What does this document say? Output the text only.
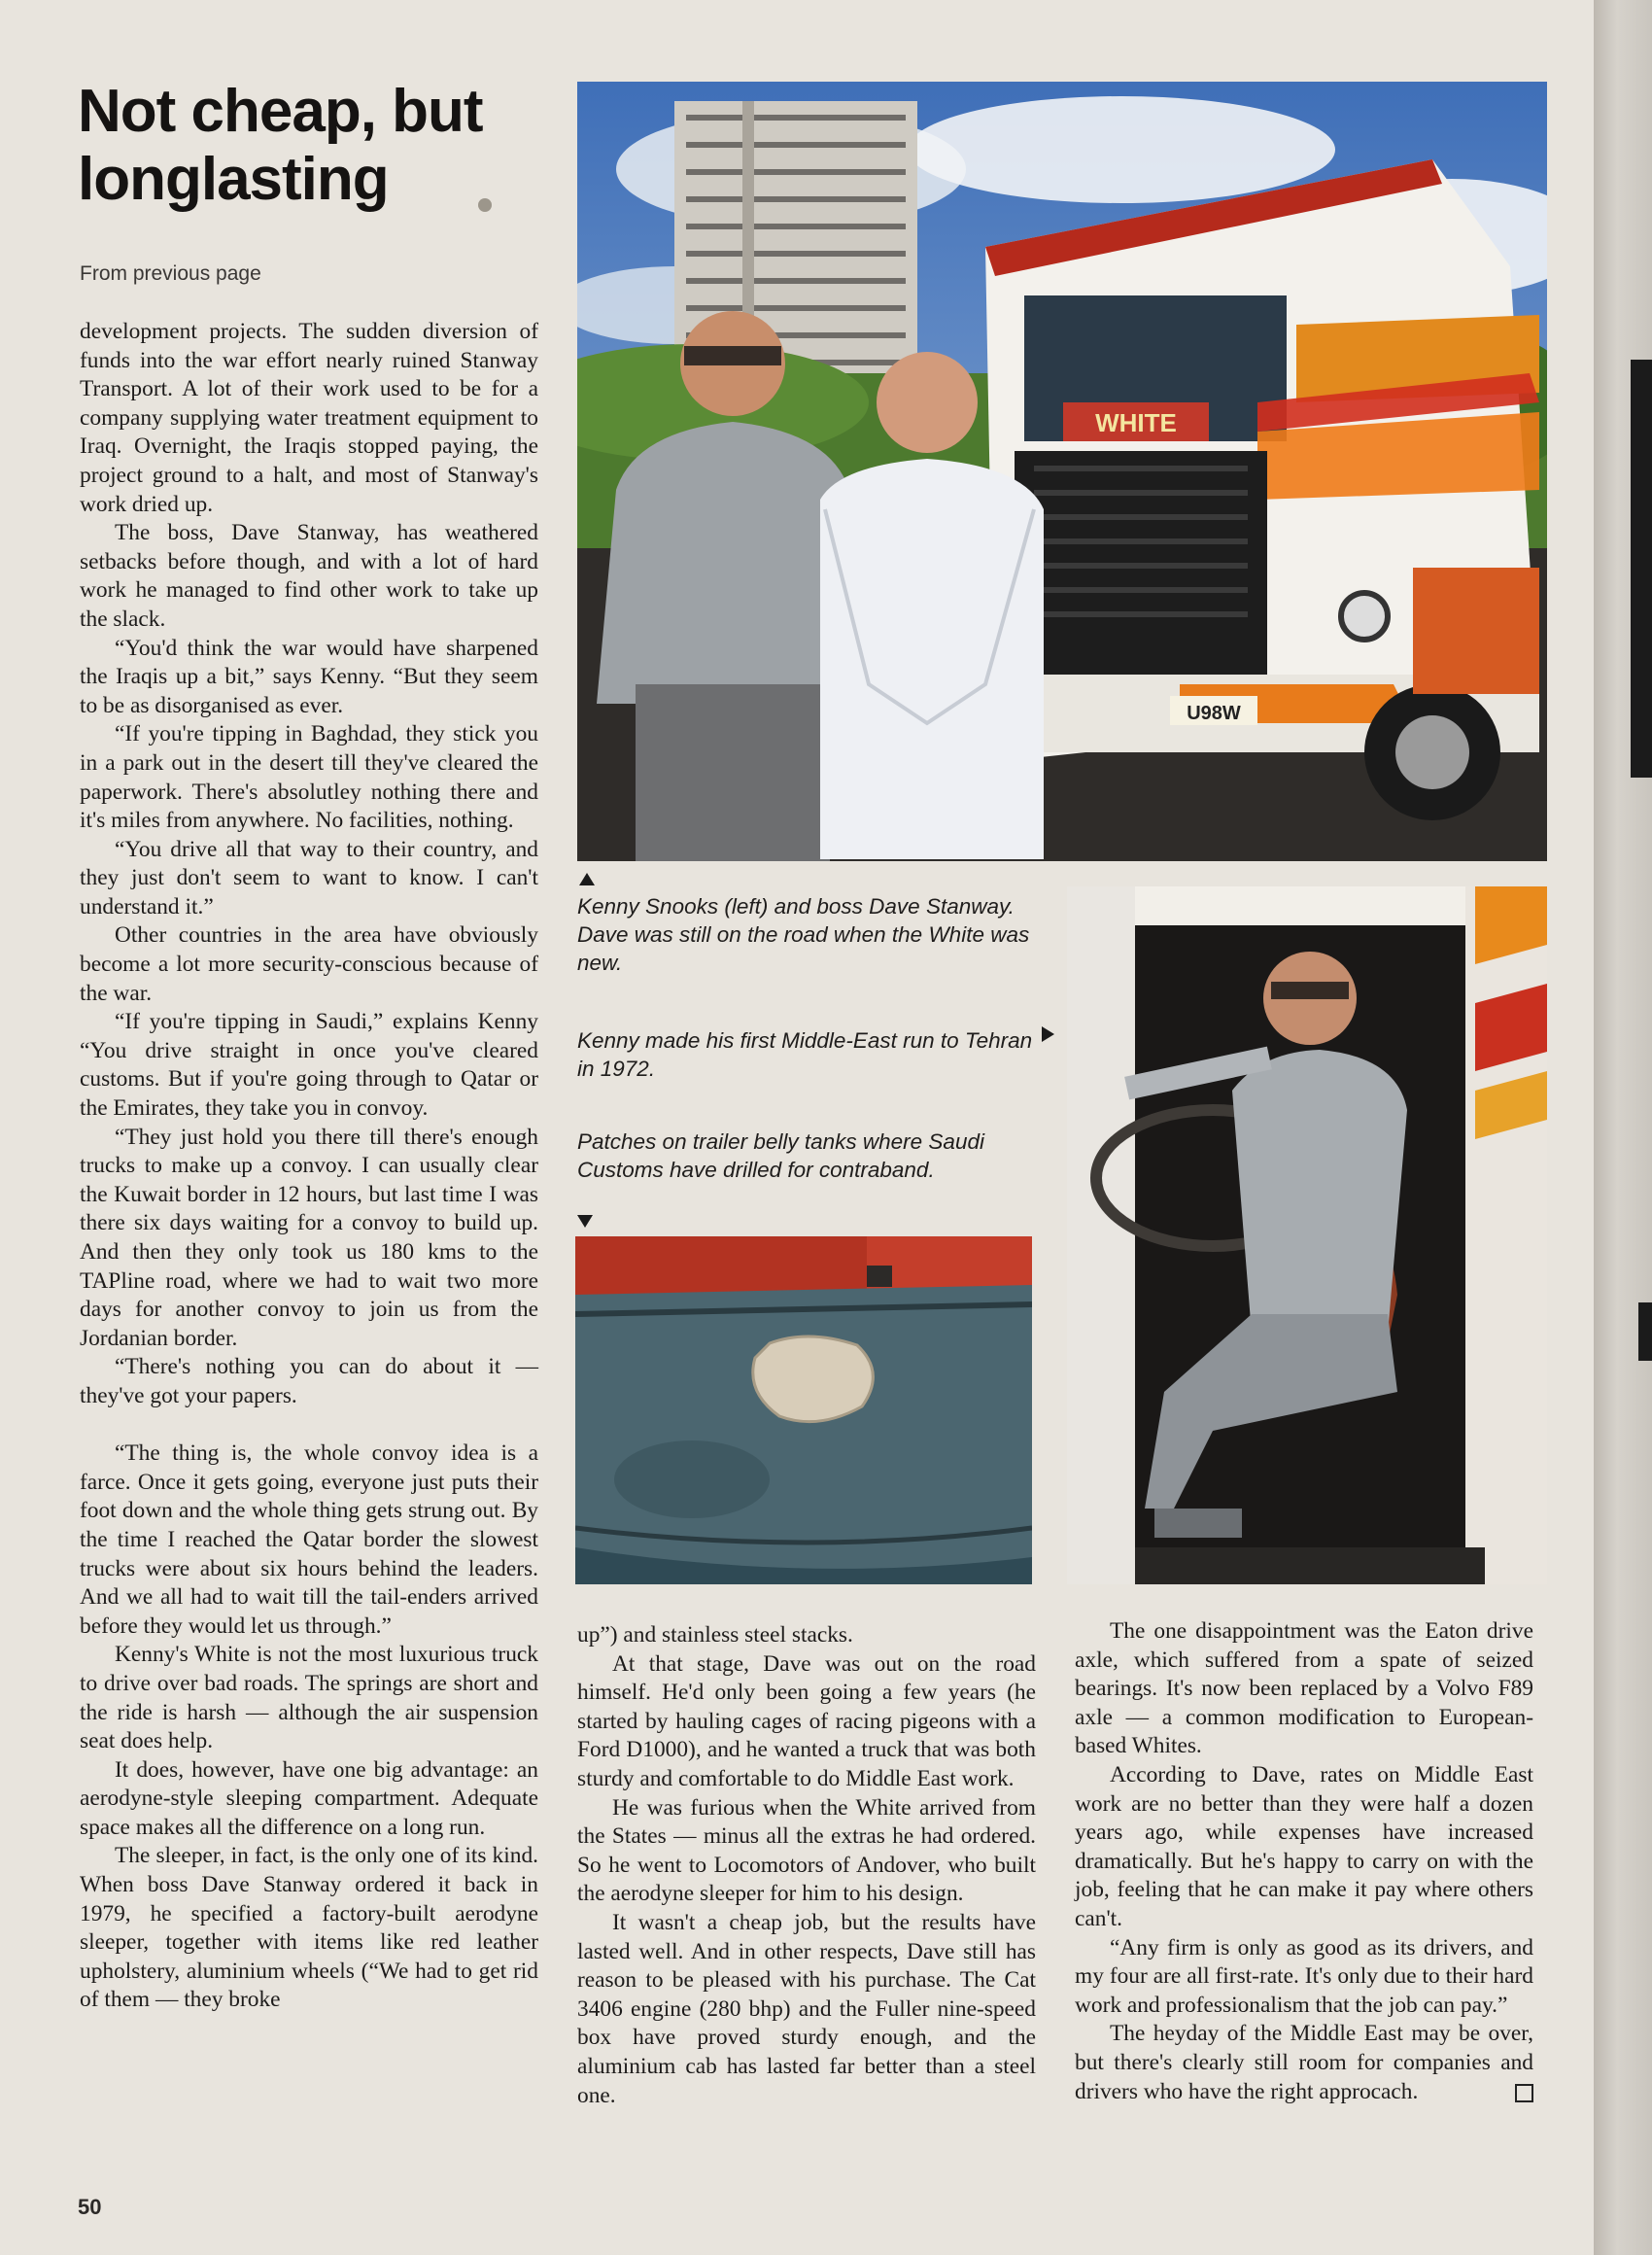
Not cheap, but longlasting
From previous page

development projects. The sudden diversion of funds into the war effort nearly ruined Stanway Transport. A lot of their work used to be for a company supplying water treatment equipment to Iraq. Overnight, the Iraqis stopped paying, the project ground to a halt, and most of Stanway's work dried up.

The boss, Dave Stanway, has weathered setbacks before though, and with a lot of hard work he managed to find other work to take up the slack.

“You'd think the war would have sharpened the Iraqis up a bit,” says Kenny. “But they seem to be as disorganised as ever.

“If you're tipping in Baghdad, they stick you in a park out in the desert till they've cleared the paperwork. There's absolutley nothing there and it's miles from anywhere. No facilities, nothing.

“You drive all that way to their country, and they just don't seem to want to know. I can't understand it.”

Other countries in the area have obviously become a lot more security-conscious because of the war.

“If you're tipping in Saudi,” explains Kenny “You drive straight in once you've cleared customs. But if you're going through to Qatar or the Emirates, they take you in convoy.

“They just hold you there till there's enough trucks to make up a convoy. I can usually clear the Kuwait border in 12 hours, but last time I was there six days waiting for a convoy to build up. And then they only took us 180 kms to the TAPline road, where we had to wait two more days for another convoy to join us from the Jordanian border.

“There's nothing you can do about it — they've got your papers.

“The thing is, the whole convoy idea is a farce. Once it gets going, everyone just puts their foot down and the whole thing gets strung out. By the time I reached the Qatar border the slowest trucks were about six hours behind the leaders. And we all had to wait till the tail-enders arrived before they would let us through.”

Kenny's White is not the most luxurious truck to drive over bad roads. The springs are short and the ride is harsh — although the air suspension seat does help.

It does, however, have one big advantage: an aerodyne-style sleeping compartment. Adequate space makes all the difference on a long run.

The sleeper, in fact, is the only one of its kind. When boss Dave Stanway ordered it back in 1979, he specified a factory-built aerodyne sleeper, together with items like red leather upholstery, aluminium wheels (“We had to get rid of them — they broke

up”) and stainless steel stacks.

At that stage, Dave was out on the road himself. He'd only been going a few years (he started by hauling cages of racing pigeons with a Ford D1000), and he wanted a truck that was both sturdy and comfortable to do Middle East work.

He was furious when the White arrived from the States — minus all the extras he had ordered. So he went to Locomotors of Andover, who built the aerodyne sleeper for him to his design.

It wasn't a cheap job, but the results have lasted well. And in other respects, Dave still has reason to be pleased with his purchase. The Cat 3406 engine (280 bhp) and the Fuller nine-speed box have proved sturdy enough, and the aluminium cab has lasted far better than a steel one.

The one disappointment was the Eaton drive axle, which suffered from a spate of seized bearings. It's now been replaced by a Volvo F89 axle — a common modification to European-based Whites.

According to Dave, rates on Middle East work are no better than they were half a dozen years ago, while expenses have increased dramatically. But he's happy to carry on with the job, feeling that he can make it pay where others can't.

“Any firm is only as good as its drivers, and my four are all first-rate. It's only due to their hard work and professionalism that the job can pay.”

The heyday of the Middle East may be over, but there's clearly still room for companies and drivers who have the right approcach.

50
Kenny Snooks (left) and boss Dave Stanway. Dave was still on the road when the White was new.
Kenny made his first Middle-East run to Tehran in 1972.
Patches on trailer belly tanks where Saudi Customs have drilled for contraband.
WHITE
U98W
